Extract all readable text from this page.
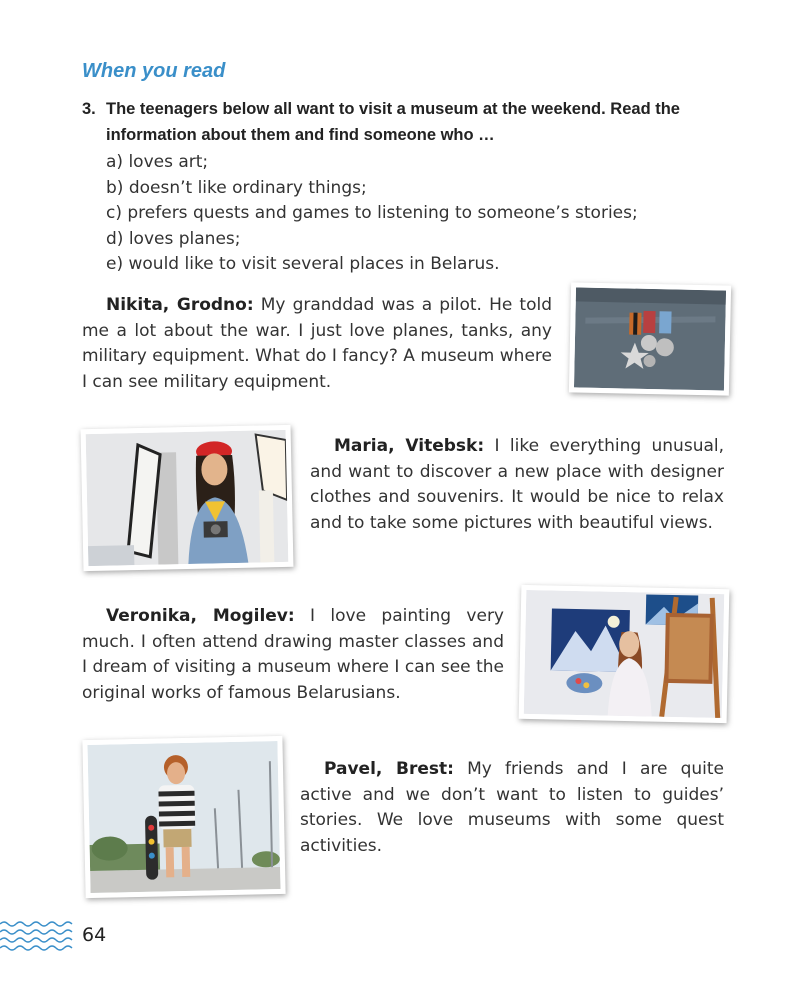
When you read
3. The teenagers below all want to visit a museum at the weekend. Read the information about them and find someone who …
a) loves art;
b) doesn’t like ordinary things;
c) prefers quests and games to listening to someone’s stories;
d) loves planes;
e) would like to visit several places in Belarus.
Nikita, Grodno: My granddad was a pilot. He told me a lot about the war. I just love planes, tanks, any military equipment. What do I fancy? A museum where I can see military equipment.
Maria, Vitebsk: I like everything unusual, and want to discover a new place with designer clothes and souvenirs. It would be nice to relax and to take some pictures with beautiful views.
Veronika, Mogilev: I love painting very much. I often attend drawing master classes and I dream of visiting a museum where I can see the original works of famous Belarusians.
Pavel, Brest: My friends and I are quite active and we don’t want to listen to guides’ stories. We love museums with some quest activities.
64
